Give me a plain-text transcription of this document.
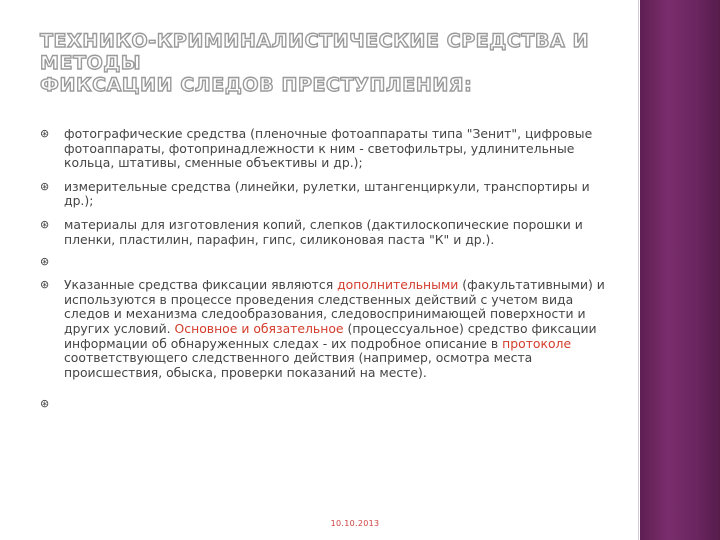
ТЕХНИКО-КРИМИНАЛИСТИЧЕСКИЕ СРЕДСТВА И МЕТОДЫ
ФИКСАЦИИ СЛЕДОВ ПРЕСТУПЛЕНИЯ:
⊛ фотографические средства (пленочные фотоаппараты типа "Зенит", цифровые фотоаппараты, фотопринадлежности к ним - светофильтры, удлинительные кольца, штативы, сменные объективы и др.);
⊛ измерительные средства (линейки, рулетки, штангенциркули, транспортиры и др.);
⊛ материалы для изготовления копий, слепков (дактилоскопические порошки и пленки, пластилин, парафин, гипс, силиконовая паста "К" и др.).
⊛
⊛ Указанные средства фиксации являются дополнительными (факультативными) и используются в процессе проведения следственных действий с учетом вида следов и механизма следообразования, следовоспринимающей поверхности и других условий. Основное и обязательное (процессуальное) средство фиксации информации об обнаруженных следах - их подробное описание в протоколе соответствующего следственного действия (например, осмотра места происшествия, обыска, проверки показаний на месте).
⊛
10.10.2013
